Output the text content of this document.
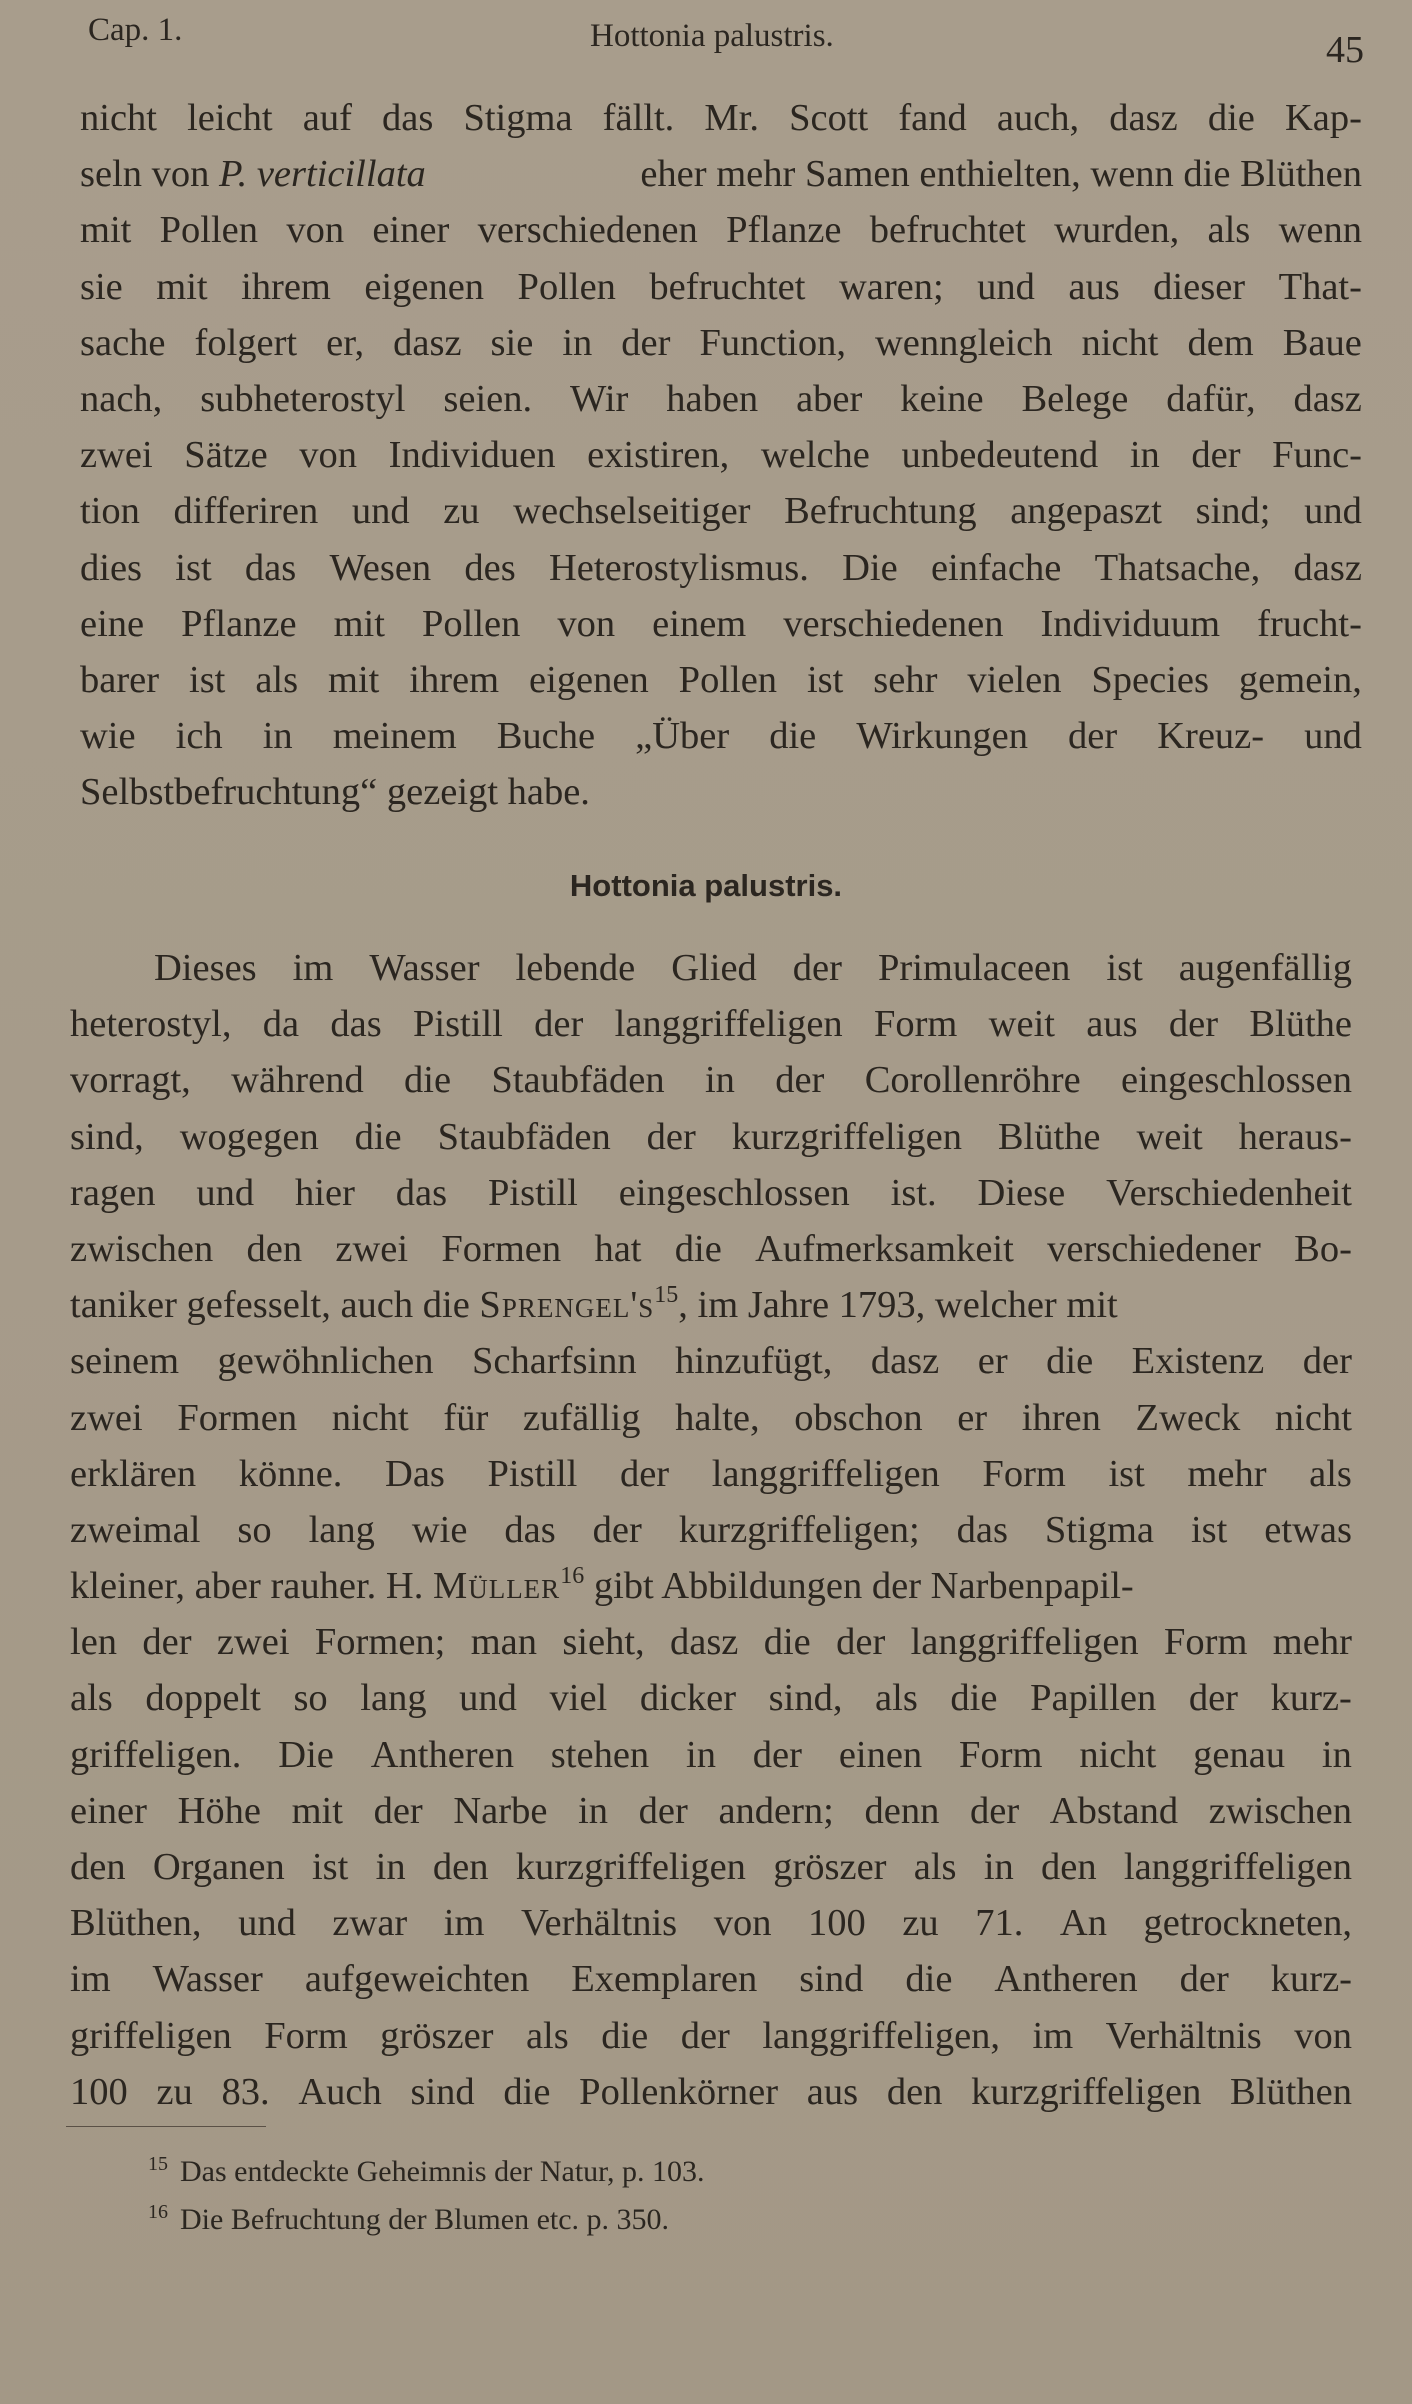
Cap. 1.	Hottonia palustris.	45
nicht leicht auf das Stigma fällt. Mr. Scott fand auch, dasz die Kap-
seln von P. verticillata	eher mehr Samen enthielten, wenn die Blüthen
mit Pollen von einer verschiedenen Pflanze befruchtet wurden, als wenn
sie mit ihrem eigenen Pollen befruchtet waren; und aus dieser That-
sache folgert er, dasz sie in der Function, wenngleich nicht dem Baue
nach, subheterostyl seien. Wir haben aber keine Belege dafür, dasz
zwei Sätze von Individuen existiren, welche unbedeutend in der Func-
tion differiren und zu wechselseitiger Befruchtung angepaszt sind; und
dies ist das Wesen des Heterostylismus. Die einfache Thatsache, dasz
eine Pflanze mit Pollen von einem verschiedenen Individuum frucht-
barer ist als mit ihrem eigenen Pollen ist sehr vielen Species gemein,
wie ich in meinem Buche „Über die Wirkungen der Kreuz- und
Selbstbefruchtung“ gezeigt habe.
Hottonia palustris.
Dieses im Wasser lebende Glied der Primulaceen ist augenfällig
heterostyl, da das Pistill der langgriffeligen Form weit aus der Blüthe
vorragt, während die Staubfäden in der Corollenröhre eingeschlossen
sind, wogegen die Staubfäden der kurzgriffeligen Blüthe weit heraus-
ragen und hier das Pistill eingeschlossen ist. Diese Verschiedenheit
zwischen den zwei Formen hat die Aufmerksamkeit verschiedener Bo-
taniker gefesselt, auch die $Sprengel's^{15}$, im Jahre 1793, welcher mit
seinem gewöhnlichen Scharfsinn hinzufügt, dasz er die Existenz der
zwei Formen nicht für zufällig halte, obschon er ihren Zweck nicht
erklären könne. Das Pistill der langgriffeligen Form ist mehr als
zweimal so lang wie das der kurzgriffeligen; das Stigma ist etwas
kleiner, aber rauher. H. Müller$^{16}$ gibt Abbildungen der Narbenpapil-
len der zwei Formen; man sieht, dasz die der langgriffeligen Form mehr
als doppelt so lang und viel dicker sind, als die Papillen der kurz-
griffeligen. Die Antheren stehen in der einen Form nicht genau in
einer Höhe mit der Narbe in der andern; denn der Abstand zwischen
den Organen ist in den kurzgriffeligen gröszer als in den langgriffeligen
Blüthen, und zwar im Verhältnis von 100 zu 71. An getrockneten,
im Wasser aufgeweichten Exemplaren sind die Antheren der kurz-
griffeligen Form gröszer als die der langgriffeligen, im Verhältnis von
100 zu 83. Auch sind die Pollenkörner aus den kurzgriffeligen Blüthen
$^{15}$ Das entdeckte Geheimnis der Natur, p. 103.
$^{16}$ Die Befruchtung der Blumen etc. p. 350.
